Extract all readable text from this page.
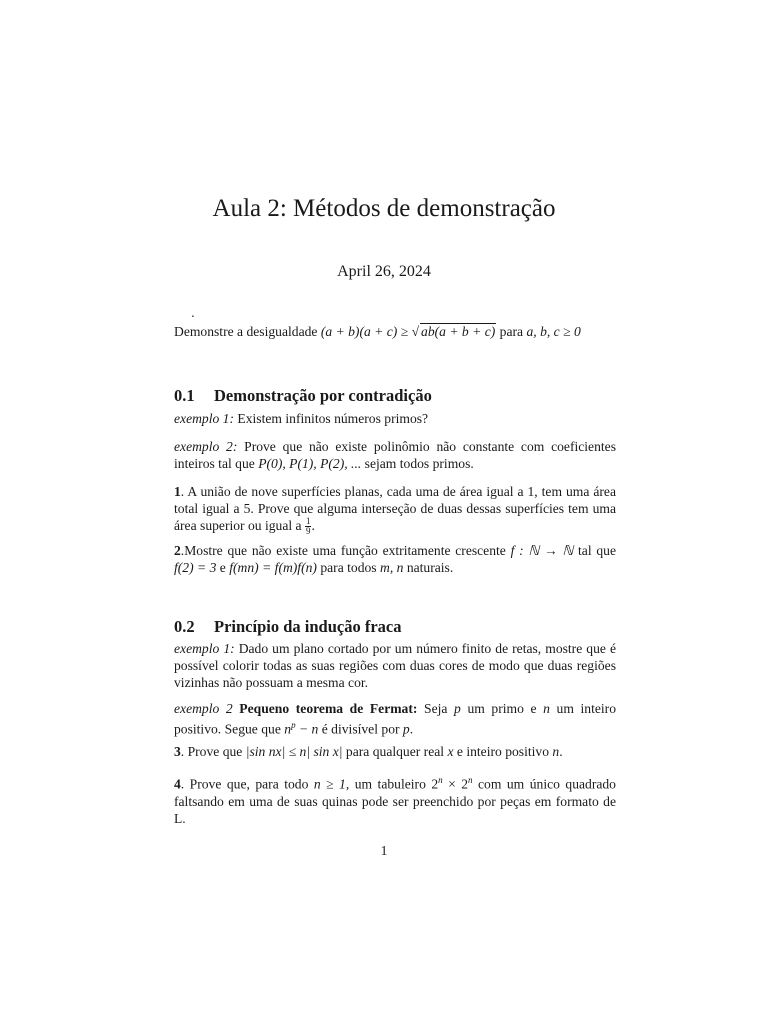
Aula 2: Métodos de demonstração
April 26, 2024
.
Demonstre a desigualdade (a + b)(a + c) ≥ √ ab(a + b + c) para a, b, c ≥ 0
0.1 Demonstração por contradição
exemplo 1: Existem infinitos números primos?
exemplo 2: Prove que não existe polinômio não constante com coeficientes inteiros tal que P(0), P(1), P(2), ... sejam todos primos.
1. A união de nove superfícies planas, cada uma de área igual a 1, tem uma área total igual a 5. Prove que alguma interseção de duas dessas superfícies tem uma área superior ou igual a $\frac{1}{9}$ .
2.Mostre que não existe uma função extritamente crescente f : ℕ → ℕ tal que f(2) = 3 e f(mn) = f(m)f(n) para todos m, n naturais.
0.2 Princípio da indução fraca
exemplo 1: Dado um plano cortado por um número finito de retas, mostre que é possível colorir todas as suas regiões com duas cores de modo que duas regiões vizinhas não possuam a mesma cor.
exemplo 2 Pequeno teorema de Fermat: Seja p um primo e n um inteiro positivo. Segue que $n^p - n$ é divisível por p.
3. Prove que |sin nx| ≤ n| sin x| para qualquer real x e inteiro positivo n.
4. Prove que, para todo n ≥ 1, um tabuleiro $2^n \times 2^n$ com um único quadrado faltsando em uma de suas quinas pode ser preenchido por peças em formato de L.
1
